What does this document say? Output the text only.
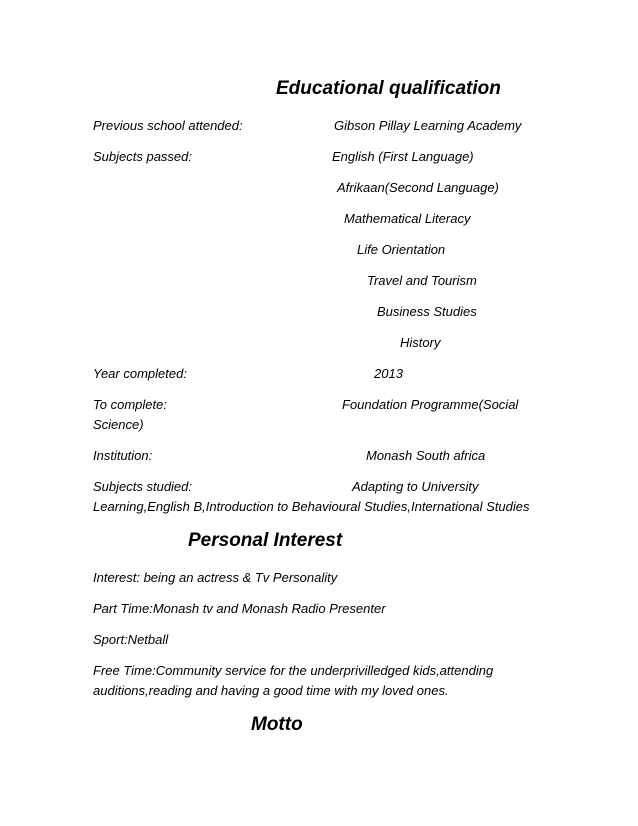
Educational qualification
Previous school attended:	Gibson Pillay Learning Academy
Subjects passed:	English (First Language)
Afrikaan(Second Language)
Mathematical Literacy
Life Orientation
Travel and Tourism
Business Studies
History
Year completed:	2013
To complete:	Foundation Programme(Social
Science)
Institution:	Monash South africa
Subjects studied:	Adapting to University
Learning,English B,Introduction to Behavioural Studies,International Studies
Personal Interest
Interest: being an actress & Tv Personality
Part Time:Monash tv and Monash Radio Presenter
Sport:Netball
Free Time:Community service for the underprivilledged kids,attending
auditions,reading and having a good time with my loved ones.
Motto
